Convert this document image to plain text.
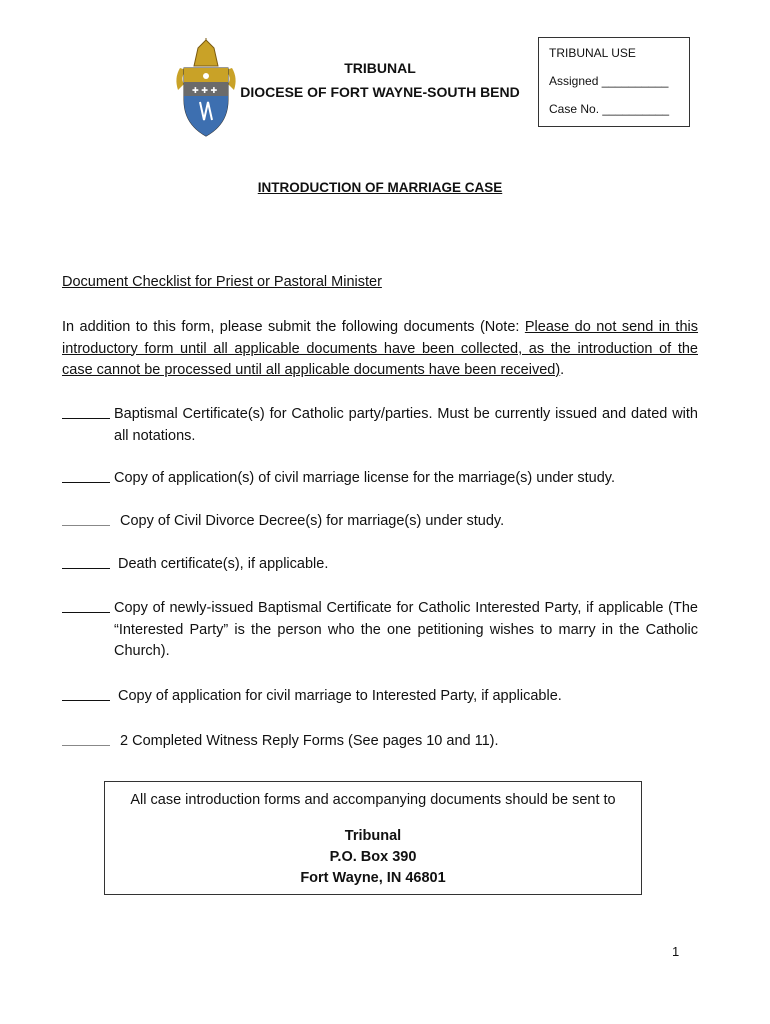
✚ ✚ ✚
TRIBUNAL
DIOCESE OF FORT WAYNE-SOUTH BEND
TRIBUNAL USE
Assigned __________
Case No. __________
INTRODUCTION OF MARRIAGE CASE
Document Checklist for Priest or Pastoral Minister
In addition to this form, please submit the following documents (Note: Please do not send in this introductory form until all applicable documents have been collected, as the introduction of the case cannot be processed until all applicable documents have been received).
Baptismal Certificate(s) for Catholic party/parties. Must be currently issued and dated with all notations.
Copy of application(s) of civil marriage license for the marriage(s) under study.
Copy of Civil Divorce Decree(s) for marriage(s) under study.
Death certificate(s), if applicable.
Copy of newly-issued Baptismal Certificate for Catholic Interested Party, if applicable (The “Interested Party” is the person who the one petitioning wishes to marry in the Catholic Church).
Copy of application for civil marriage to Interested Party, if applicable.
2 Completed Witness Reply Forms (See pages 10 and 11).
All case introduction forms and accompanying documents should be sent to
Tribunal
P.O. Box 390
Fort Wayne, IN 46801
1
